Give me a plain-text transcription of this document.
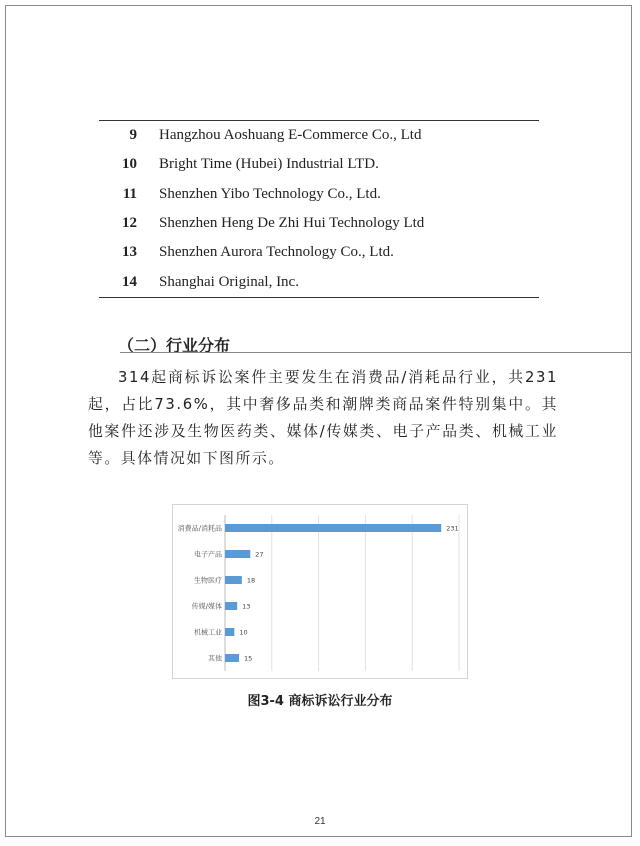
9 Hangzhou Aoshuang E-Commerce Co., Ltd
10 Bright Time (Hubei) Industrial LTD.
11 Shenzhen Yibo Technology Co., Ltd.
12 Shenzhen Heng De Zhi Hui Technology Ltd
13 Shenzhen Aurora Technology Co., Ltd.
14 Shanghai Original, Inc.
（二）行业分布
314起商标诉讼案件主要发生在消费品/消耗品行业，共231起，占比73.6%，其中奢侈品类和潮牌类商品案件特别集中。其他案件还涉及生物医药类、媒体/传媒类、电子产品类、机械工业等。具体情况如下图所示。
消费品/消耗品	231
电子产品	27
生物医疗	18
传媒/媒体	13
机械工业	10
其他	15
图3-4 商标诉讼行业分布
21
